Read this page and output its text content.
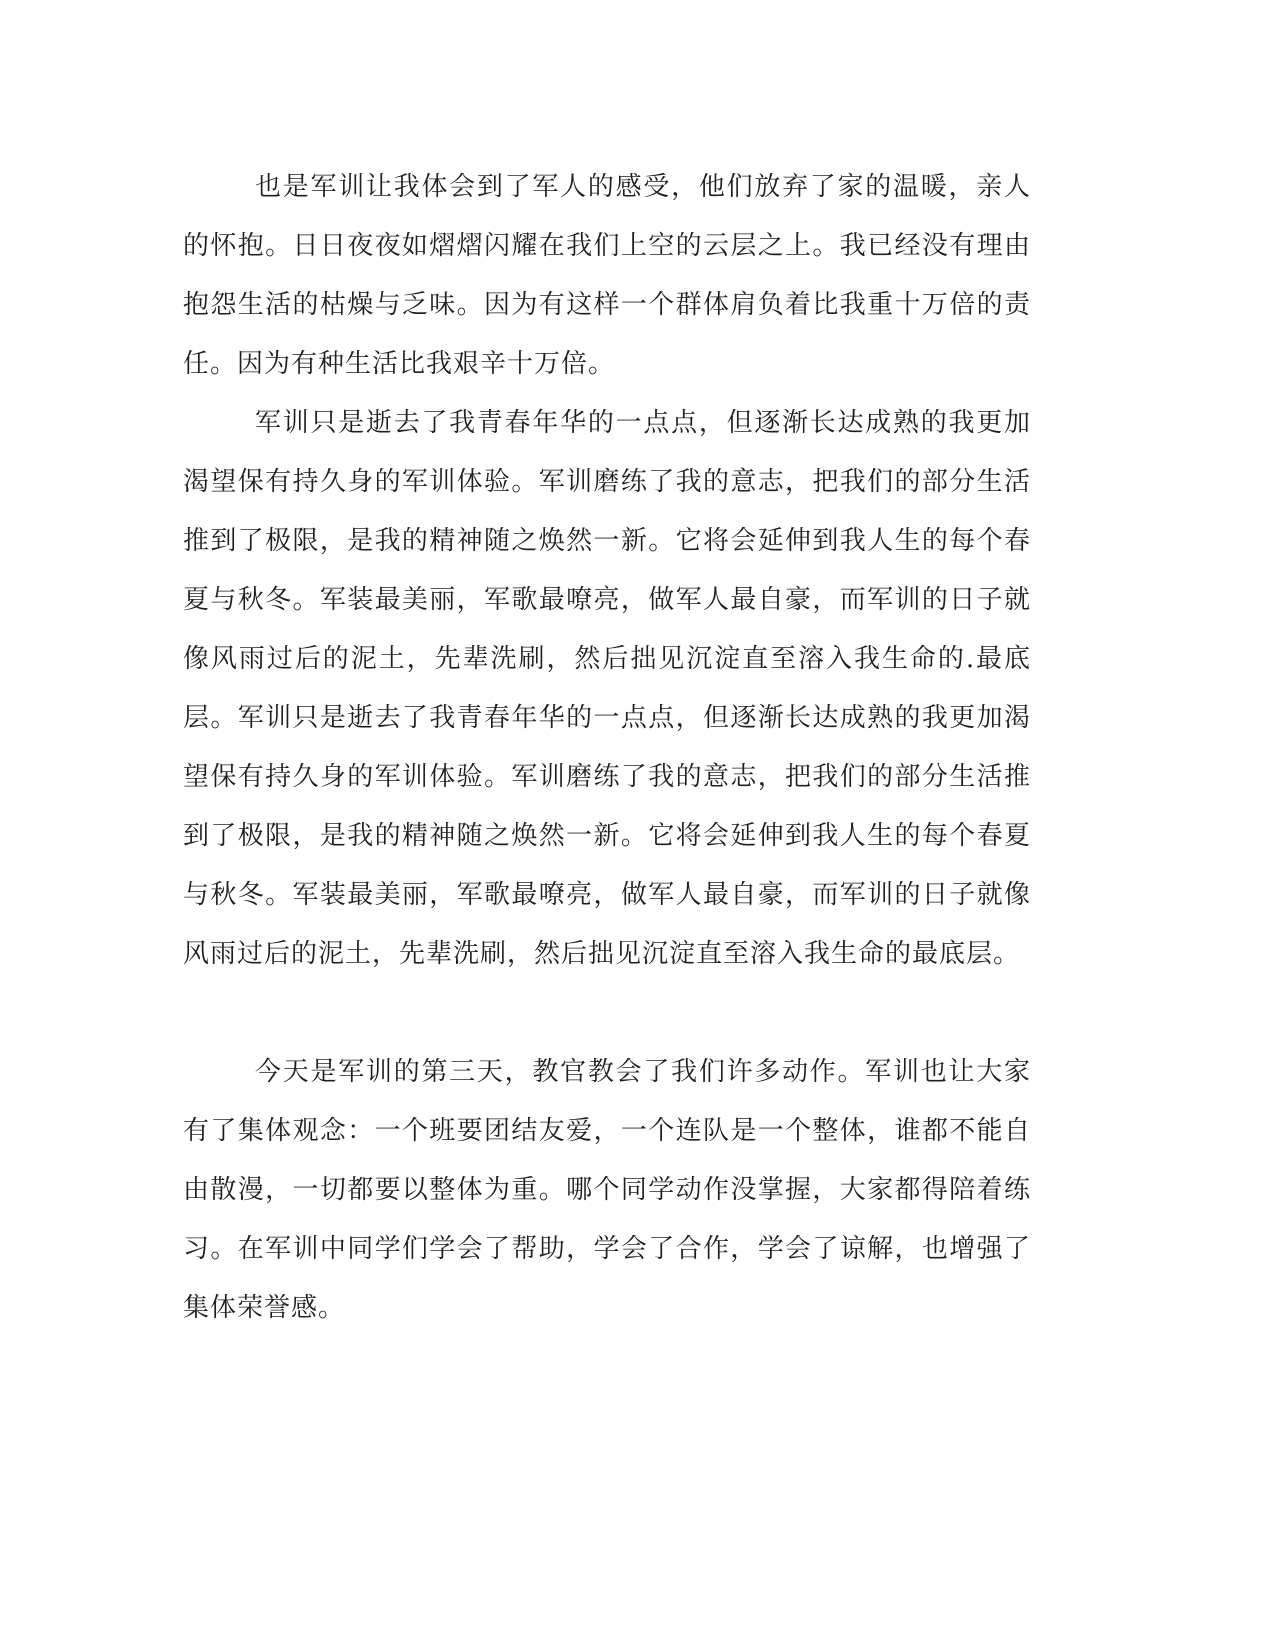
也是军训让我体会到了军人的感受，他们放弃了家的温暖，亲人的怀抱。日日夜夜如熠熠闪耀在我们上空的云层之上。我已经没有理由抱怨生活的枯燥与乏味。因为有这样一个群体肩负着比我重十万倍的责任。因为有种生活比我艰辛十万倍。

军训只是逝去了我青春年华的一点点，但逐渐长达成熟的我更加渴望保有持久身的军训体验。军训磨练了我的意志，把我们的部分生活推到了极限，是我的精神随之焕然一新。它将会延伸到我人生的每个春夏与秋冬。军装最美丽，军歌最嘹亮，做军人最自豪，而军训的日子就像风雨过后的泥土，先辈洗刷，然后拙见沉淀直至溶入我生命的.最底层。军训只是逝去了我青春年华的一点点，但逐渐长达成熟的我更加渴望保有持久身的军训体验。军训磨练了我的意志，把我们的部分生活推到了极限，是我的精神随之焕然一新。它将会延伸到我人生的每个春夏与秋冬。军装最美丽，军歌最嘹亮，做军人最自豪，而军训的日子就像风雨过后的泥土，先辈洗刷，然后拙见沉淀直至溶入我生命的最底层。

今天是军训的第三天，教官教会了我们许多动作。军训也让大家有了集体观念：一个班要团结友爱，一个连队是一个整体，谁都不能自由散漫，一切都要以整体为重。哪个同学动作没掌握，大家都得陪着练习。在军训中同学们学会了帮助，学会了合作，学会了谅解，也增强了集体荣誉感。
